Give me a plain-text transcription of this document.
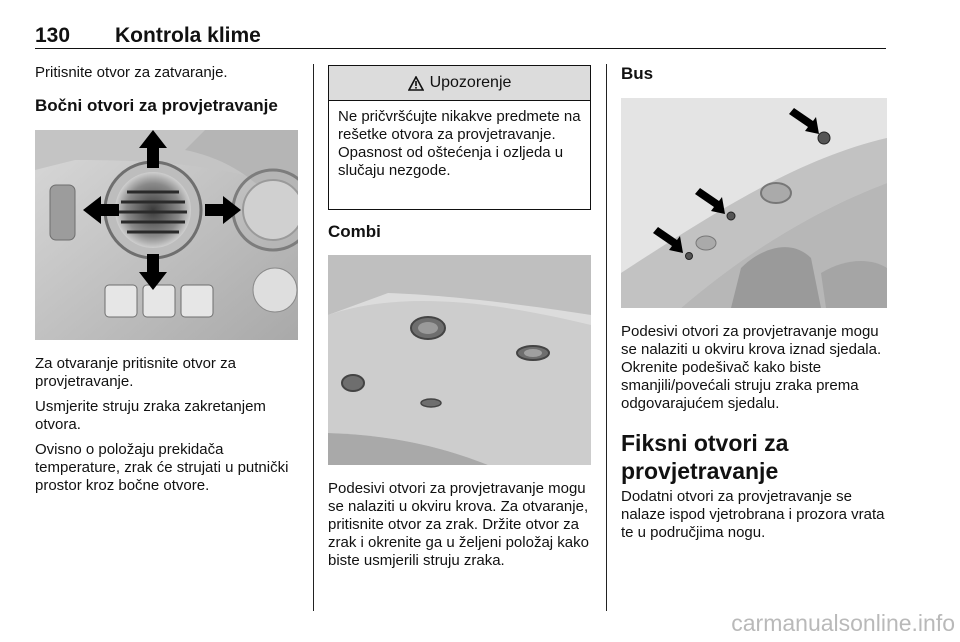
130 Kontrola klime

Pritisnite otvor za zatvaranje.

Bočni otvori za provjetravanje

Za otvaranje pritisnite otvor za provjetravanje.

Usmjerite struju zraka zakretanjem otvora.

Ovisno o položaju prekidača temperature, zrak će strujati u putnički prostor kroz bočne otvore.

Upozorenje
Ne pričvršćujte nikakve predmete na rešetke otvora za provjetravanje. Opasnost od oštećenja i ozljeda u slučaju nezgode.

Combi

Podesivi otvori za provjetravanje mogu se nalaziti u okviru krova. Za otvaranje, pritisnite otvor za zrak. Držite otvor za zrak i okrenite ga u željeni položaj kako biste usmjerili struju zraka.

Bus

Podesivi otvori za provjetravanje mogu se nalaziti u okviru krova iznad sjedala. Okrenite podešivač kako biste smanjili/povećali struju zraka prema odgovarajućem sjedalu.

Fiksni otvori za provjetravanje

Dodatni otvori za provjetravanje se nalaze ispod vjetrobrana i prozora vrata te u područjima nogu.

carmanualsonline.info
